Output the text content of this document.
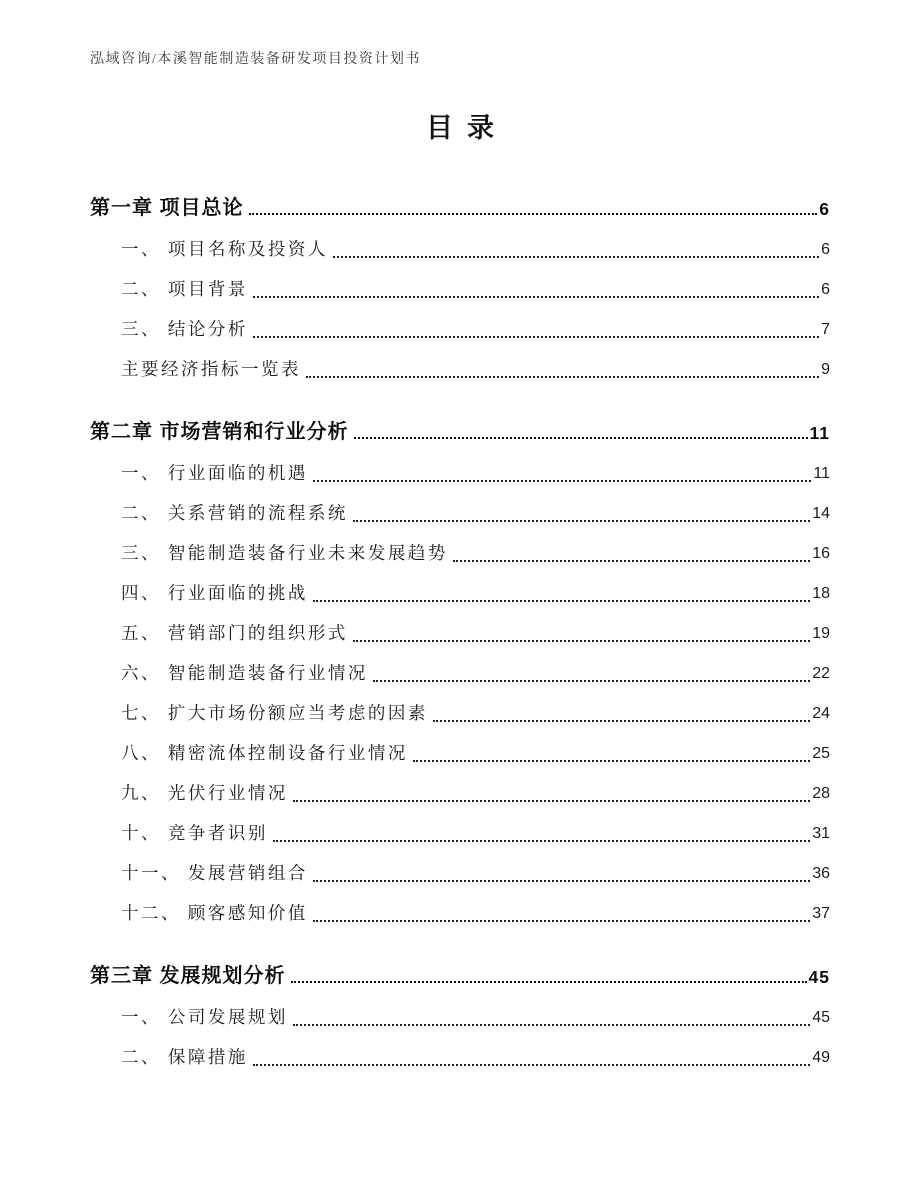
泓域咨询/本溪智能制造装备研发项目投资计划书
目录
第一章 项目总论	6
一、 项目名称及投资人	6
二、 项目背景	6
三、 结论分析	7
主要经济指标一览表	9
第二章 市场营销和行业分析	11
一、 行业面临的机遇	11
二、 关系营销的流程系统	14
三、 智能制造装备行业未来发展趋势	16
四、 行业面临的挑战	18
五、 营销部门的组织形式	19
六、 智能制造装备行业情况	22
七、 扩大市场份额应当考虑的因素	24
八、 精密流体控制设备行业情况	25
九、 光伏行业情况	28
十、 竞争者识别	31
十一、 发展营销组合	36
十二、 顾客感知价值	37
第三章 发展规划分析	45
一、 公司发展规划	45
二、 保障措施	49
